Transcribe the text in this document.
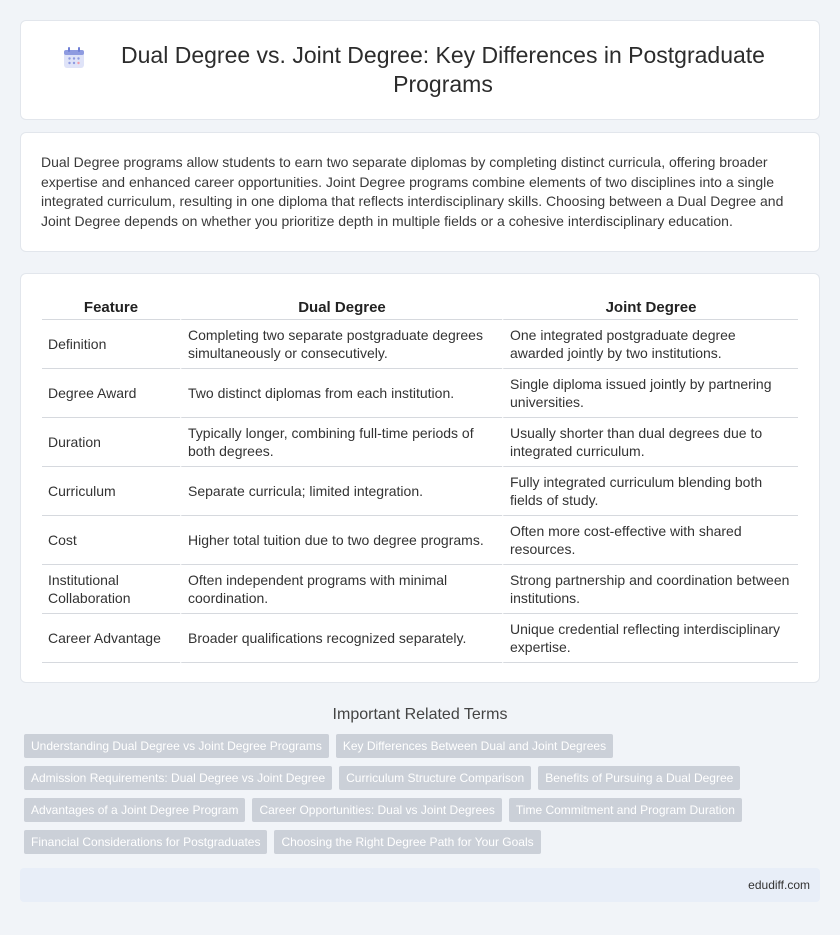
Dual Degree vs. Joint Degree: Key Differences in Postgraduate Programs

Dual Degree programs allow students to earn two separate diplomas by completing distinct curricula, offering broader expertise and enhanced career opportunities. Joint Degree programs combine elements of two disciplines into a single integrated curriculum, resulting in one diploma that reflects interdisciplinary skills. Choosing between a Dual Degree and Joint Degree depends on whether you prioritize depth in multiple fields or a cohesive interdisciplinary education.

Feature	Dual Degree	Joint Degree
Definition	Completing two separate postgraduate degrees simultaneously or consecutively.	One integrated postgraduate degree awarded jointly by two institutions.
Degree Award	Two distinct diplomas from each institution.	Single diploma issued jointly by partnering universities.
Duration	Typically longer, combining full-time periods of both degrees.	Usually shorter than dual degrees due to integrated curriculum.
Curriculum	Separate curricula; limited integration.	Fully integrated curriculum blending both fields of study.
Cost	Higher total tuition due to two degree programs.	Often more cost-effective with shared resources.
Institutional Collaboration	Often independent programs with minimal coordination.	Strong partnership and coordination between institutions.
Career Advantage	Broader qualifications recognized separately.	Unique credential reflecting interdisciplinary expertise.
Important Related Terms
Understanding Dual Degree vs Joint Degree Programs	Key Differences Between Dual and Joint Degrees
Admission Requirements: Dual Degree vs Joint Degree	Curriculum Structure Comparison	Benefits of Pursuing a Dual Degree
Advantages of a Joint Degree Program	Career Opportunities: Dual vs Joint Degrees	Time Commitment and Program Duration
Financial Considerations for Postgraduates	Choosing the Right Degree Path for Your Goals
edudiff.com
